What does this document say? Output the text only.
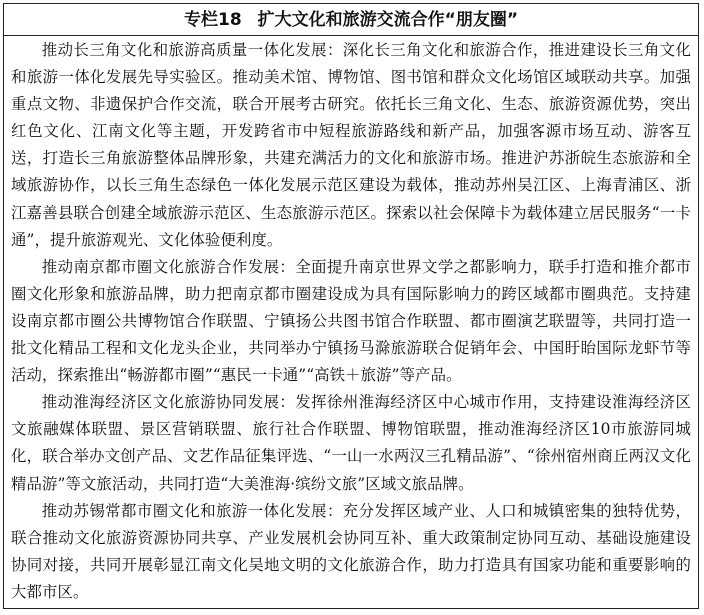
专栏18 扩大文化和旅游交流合作“朋友圈”

推动长三角文化和旅游高质量一体化发展：深化长三角文化和旅游合作，推进建设长三角文化和旅游一体化发展先导实验区。推动美术馆、博物馆、图书馆和群众文化场馆区域联动共享。加强重点文物、非遗保护合作交流，联合开展考古研究。依托长三角文化、生态、旅游资源优势，突出红色文化、江南文化等主题，开发跨省市中短程旅游路线和新产品，加强客源市场互动、游客互送，打造长三角旅游整体品牌形象，共建充满活力的文化和旅游市场。推进沪苏浙皖生态旅游和全域旅游协作，以长三角生态绿色一体化发展示范区建设为载体，推动苏州吴江区、上海青浦区、浙江嘉善县联合创建全域旅游示范区、生态旅游示范区。探索以社会保障卡为载体建立居民服务“一卡通”，提升旅游观光、文化体验便利度。

推动南京都市圈文化旅游合作发展：全面提升南京世界文学之都影响力，联手打造和推介都市圈文化形象和旅游品牌，助力把南京都市圈建设成为具有国际影响力的跨区域都市圈典范。支持建设南京都市圈公共博物馆合作联盟、宁镇扬公共图书馆合作联盟、都市圈演艺联盟等，共同打造一批文化精品工程和文化龙头企业，共同举办宁镇扬马滁旅游联合促销年会、中国盱眙国际龙虾节等活动，探索推出“畅游都市圈”“惠民一卡通”“高铁＋旅游”等产品。

推动淮海经济区文化旅游协同发展：发挥徐州淮海经济区中心城市作用，支持建设淮海经济区文旅融媒体联盟、景区营销联盟、旅行社合作联盟、博物馆联盟，推动淮海经济区10市旅游同城化，联合举办文创产品、文艺作品征集评选、“一山一水两汉三孔精品游”、“徐州宿州商丘两汉文化精品游”等文旅活动，共同打造“大美淮海·缤纷文旅”区域文旅品牌。

推动苏锡常都市圈文化和旅游一体化发展：充分发挥区域产业、人口和城镇密集的独特优势，联合推动文化旅游资源协同共享、产业发展机会协同互补、重大政策制定协同互动、基础设施建设协同对接，共同开展彰显江南文化吴地文明的文化旅游合作，助力打造具有国家功能和重要影响的大都市区。
